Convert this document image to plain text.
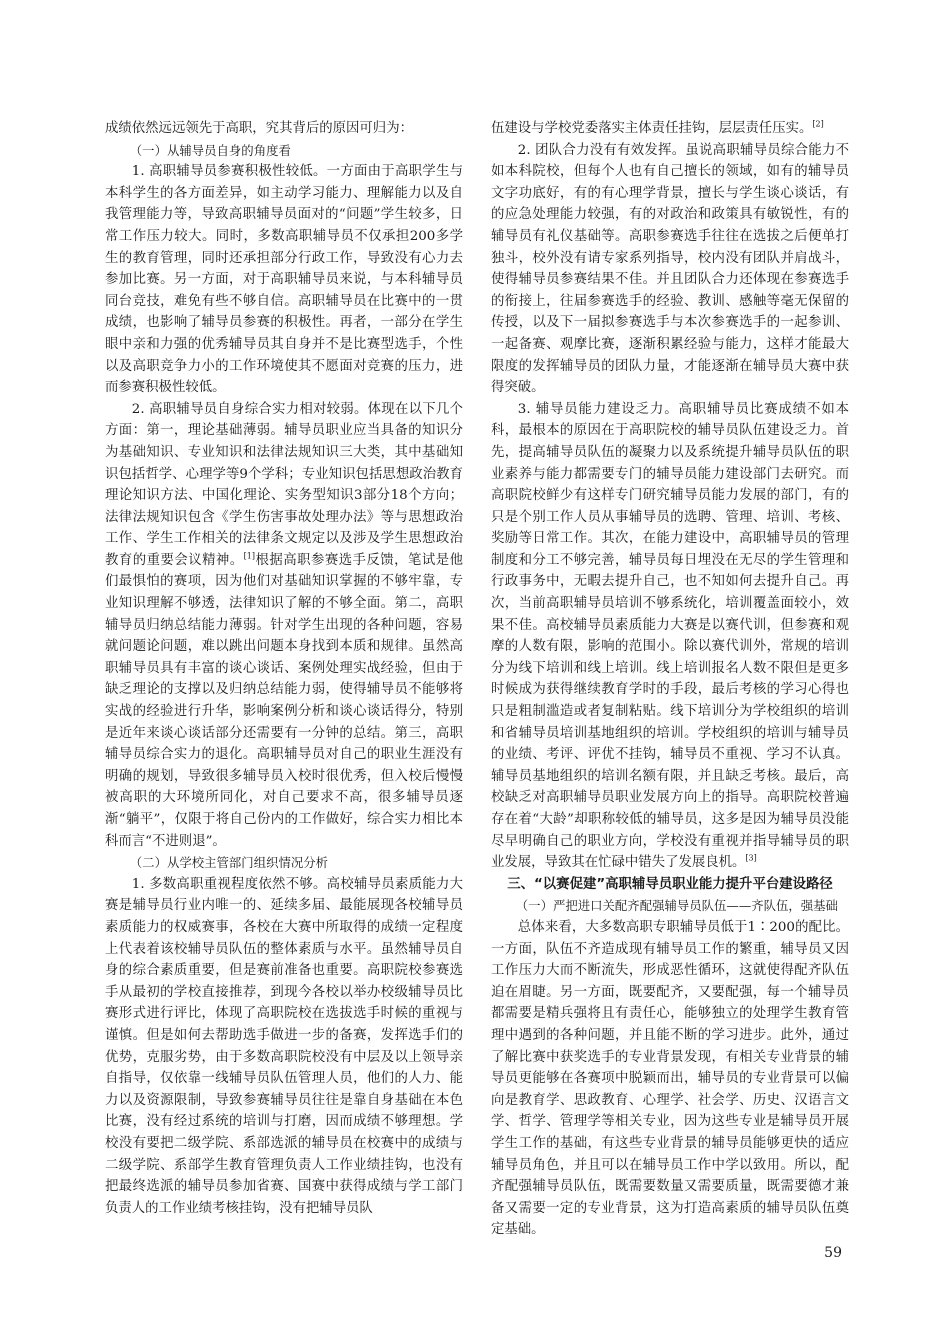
成绩依然远远领先于高职，究其背后的原因可归为：

（一）从辅导员自身的角度看

1. 高职辅导员参赛积极性较低。一方面由于高职学生与本科学生的各方面差异，如主动学习能力、理解能力以及自我管理能力等，导致高职辅导员面对的“问题”学生较多，日常工作压力较大。同时，多数高职辅导员不仅承担200多学生的教育管理，同时还承担部分行政工作，导致没有心力去参加比赛。另一方面，对于高职辅导员来说，与本科辅导员同台竞技，难免有些不够自信。高职辅导员在比赛中的一贯成绩，也影响了辅导员参赛的积极性。再者，一部分在学生眼中亲和力强的优秀辅导员其自身并不是比赛型选手，个性以及高职竞争力小的工作环境使其不愿面对竞赛的压力，进而参赛积极性较低。

2. 高职辅导员自身综合实力相对较弱。体现在以下几个方面：第一，理论基础薄弱。辅导员职业应当具备的知识分为基础知识、专业知识和法律法规知识三大类，其中基础知识包括哲学、心理学等9个学科；专业知识包括思想政治教育理论知识方法、中国化理论、实务型知识3部分18个方向；法律法规知识包含《学生伤害事故处理办法》等与思想政治工作、学生工作相关的法律条文规定以及涉及学生思想政治教育的重要会议精神。[1]根据高职参赛选手反馈，笔试是他们最惧怕的赛项，因为他们对基础知识掌握的不够牢靠，专业知识理解不够透，法律知识了解的不够全面。第二，高职辅导员归纳总结能力薄弱。针对学生出现的各种问题，容易就问题论问题，难以跳出问题本身找到本质和规律。虽然高职辅导员具有丰富的谈心谈话、案例处理实战经验，但由于缺乏理论的支撑以及归纳总结能力弱，使得辅导员不能够将实战的经验进行升华，影响案例分析和谈心谈话得分，特别是近年来谈心谈话部分还需要有一分钟的总结。第三，高职辅导员综合实力的退化。高职辅导员对自己的职业生涯没有明确的规划，导致很多辅导员入校时很优秀，但入校后慢慢被高职的大环境所同化，对自己要求不高，很多辅导员逐渐“躺平”，仅限于将自己份内的工作做好，综合实力相比本科而言“不进则退”。

（二）从学校主管部门组织情况分析

1. 多数高职重视程度依然不够。高校辅导员素质能力大赛是辅导员行业内唯一的、延续多届、最能展现各校辅导员素质能力的权威赛事，各校在大赛中所取得的成绩一定程度上代表着该校辅导员队伍的整体素质与水平。虽然辅导员自身的综合素质重要，但是赛前准备也重要。高职院校参赛选手从最初的学校直接推荐，到现今各校以举办校级辅导员比赛形式进行评比，体现了高职院校在选拔选手时候的重视与谨慎。但是如何去帮助选手做进一步的备赛，发挥选手们的优势，克服劣势，由于多数高职院校没有中层及以上领导亲自指导，仅依靠一线辅导员队伍管理人员，他们的人力、能力以及资源限制，导致参赛辅导员往往是靠自身基础在本色比赛，没有经过系统的培训与打磨，因而成绩不够理想。学校没有要把二级学院、系部选派的辅导员在校赛中的成绩与二级学院、系部学生教育管理负责人工作业绩挂钩，也没有把最终选派的辅导员参加省赛、国赛中获得成绩与学工部门负责人的工作业绩考核挂钩，没有把辅导员队

伍建设与学校党委落实主体责任挂钩，层层责任压实。[2]

2. 团队合力没有有效发挥。虽说高职辅导员综合能力不如本科院校，但每个人也有自己擅长的领域，如有的辅导员文字功底好，有的有心理学背景，擅长与学生谈心谈话，有的应急处理能力较强，有的对政治和政策具有敏锐性，有的辅导员有礼仪基础等。高职参赛选手往往在选拔之后便单打独斗，校外没有请专家系列指导，校内没有团队并肩战斗，使得辅导员参赛结果不佳。并且团队合力还体现在参赛选手的衔接上，往届参赛选手的经验、教训、感触等毫无保留的传授，以及下一届拟参赛选手与本次参赛选手的一起参训、一起备赛、观摩比赛，逐渐积累经验与能力，这样才能最大限度的发挥辅导员的团队力量，才能逐渐在辅导员大赛中获得突破。

3. 辅导员能力建设乏力。高职辅导员比赛成绩不如本科，最根本的原因在于高职院校的辅导员队伍建设乏力。首先，提高辅导员队伍的凝聚力以及系统提升辅导员队伍的职业素养与能力都需要专门的辅导员能力建设部门去研究。而高职院校鲜少有这样专门研究辅导员能力发展的部门，有的只是个别工作人员从事辅导员的选聘、管理、培训、考核、奖励等日常工作。其次，在能力建设中，高职辅导员的管理制度和分工不够完善，辅导员每日埋没在无尽的学生管理和行政事务中，无暇去提升自己，也不知如何去提升自己。再次，当前高职辅导员培训不够系统化，培训覆盖面较小，效果不佳。高校辅导员素质能力大赛是以赛代训，但参赛和观摩的人数有限，影响的范围小。除以赛代训外，常规的培训分为线下培训和线上培训。线上培训报名人数不限但是更多时候成为获得继续教育学时的手段，最后考核的学习心得也只是粗制滥造或者复制粘贴。线下培训分为学校组织的培训和省辅导员培训基地组织的培训。学校组织的培训与辅导员的业绩、考评、评优不挂钩，辅导员不重视、学习不认真。辅导员基地组织的培训名额有限，并且缺乏考核。最后，高校缺乏对高职辅导员职业发展方向上的指导。高职院校普遍存在着“大龄”却职称较低的辅导员，这多是因为辅导员没能尽早明确自己的职业方向，学校没有重视并指导辅导员的职业发展，导致其在忙碌中错失了发展良机。[3]

三、“以赛促建”高职辅导员职业能力提升平台建设路径
（一）严把进口关配齐配强辅导员队伍——齐队伍，强基础

总体来看，大多数高职专职辅导员低于1∶200的配比。一方面，队伍不齐造成现有辅导员工作的繁重，辅导员又因工作压力大而不断流失，形成恶性循环，这就使得配齐队伍迫在眉睫。另一方面，既要配齐，又要配强，每一个辅导员都需要是精兵强将且有责任心，能够独立的处理学生教育管理中遇到的各种问题，并且能不断的学习进步。此外，通过了解比赛中获奖选手的专业背景发现，有相关专业背景的辅导员更能够在各赛项中脱颖而出，辅导员的专业背景可以偏向是教育学、思政教育、心理学、社会学、历史、汉语言文学、哲学、管理学等相关专业，因为这些专业是辅导员开展学生工作的基础，有这些专业背景的辅导员能够更快的适应辅导员角色，并且可以在辅导员工作中学以致用。所以，配齐配强辅导员队伍，既需要数量又需要质量，既需要德才兼备又需要一定的专业背景，这为打造高素质的辅导员队伍奠定基础。

59
